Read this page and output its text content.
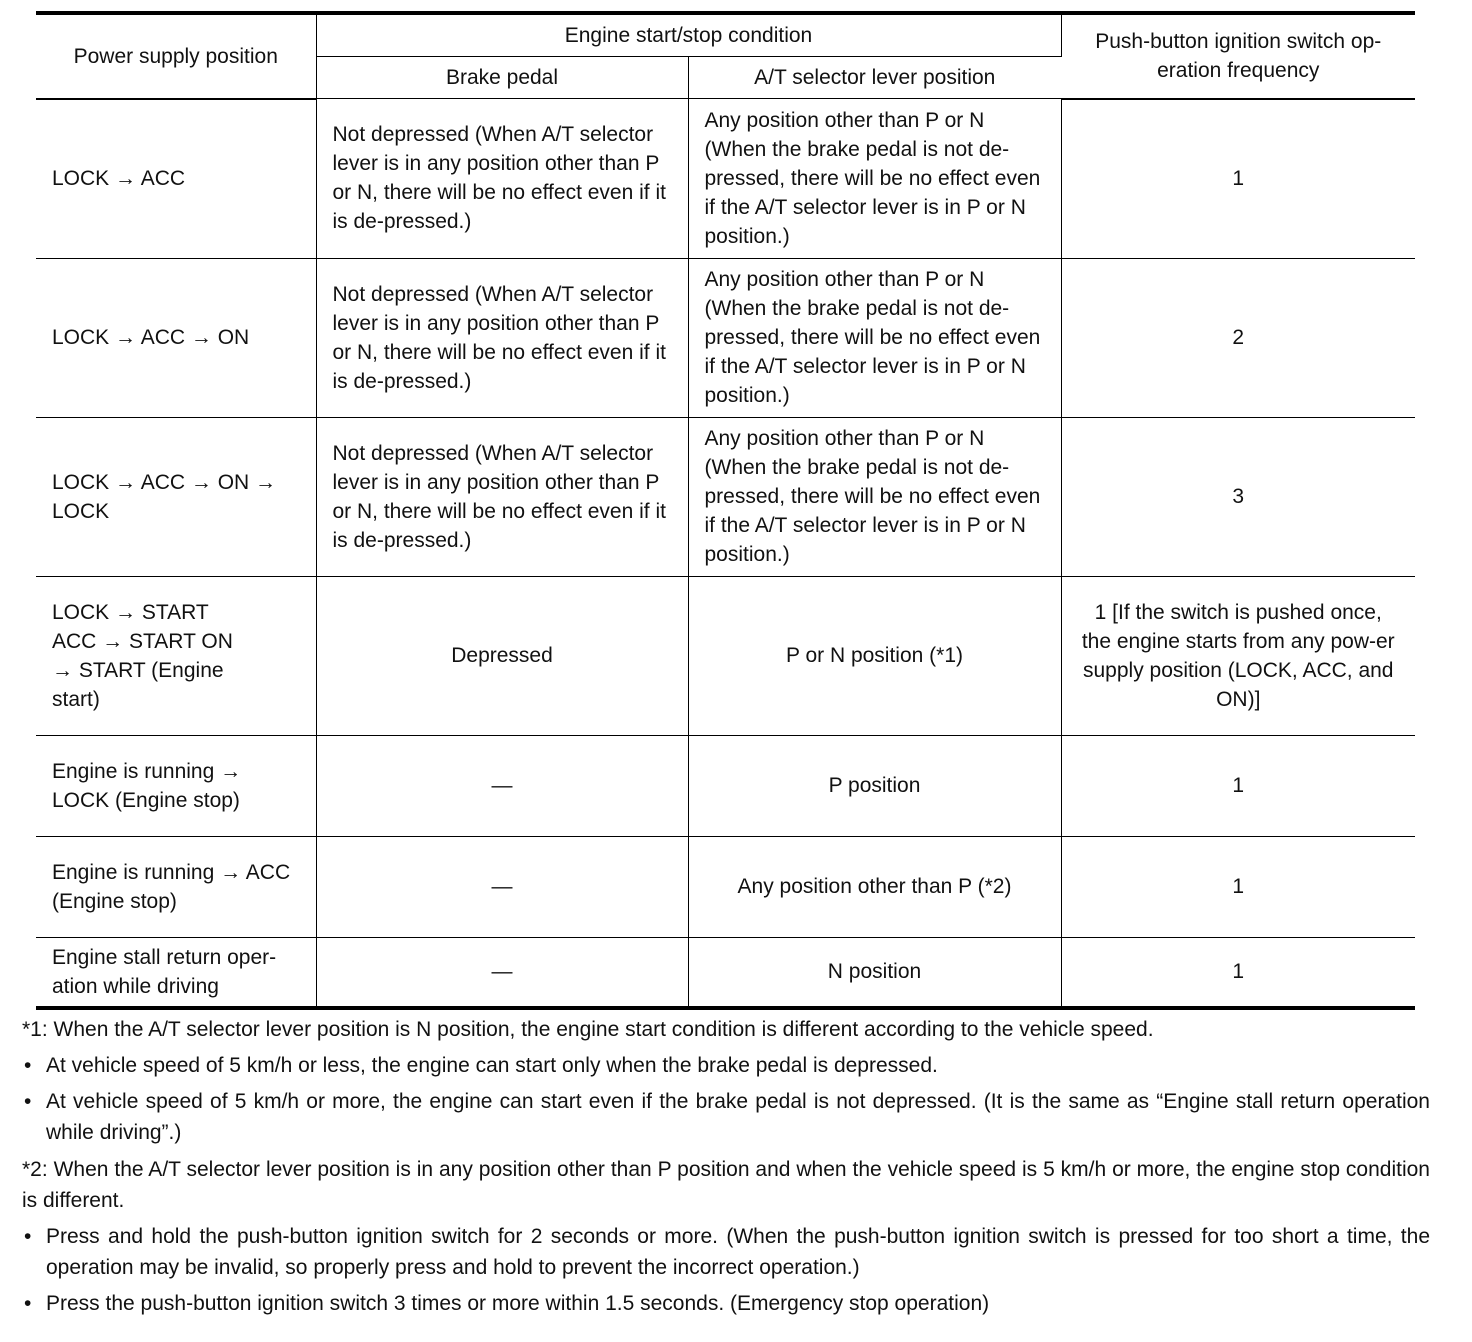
Power supply position	Engine start/stop condition		Push-button ignition switch op-eration frequency
	Brake pedal	A/T selector lever position	
LOCK → ACC	Not depressed (When A/T selector lever is in any position other than P or N, there will be no effect even if it is de-pressed.)	Any position other than P or N (When the brake pedal is not de-pressed, there will be no effect even if the A/T selector lever is in P or N position.)	1
LOCK → ACC → ON	Not depressed (When A/T selector lever is in any position other than P or N, there will be no effect even if it is de-pressed.)	Any position other than P or N (When the brake pedal is not de-pressed, there will be no effect even if the A/T selector lever is in P or N position.)	2
LOCK → ACC → ON → LOCK	Not depressed (When A/T selector lever is in any position other than P or N, there will be no effect even if it is de-pressed.)	Any position other than P or N (When the brake pedal is not de-pressed, there will be no effect even if the A/T selector lever is in P or N position.)	3
LOCK → START ACC → START ON → START (Engine start)	Depressed	P or N position (*1)	1 [If the switch is pushed once, the engine starts from any pow-er supply position (LOCK, ACC, and ON)]
Engine is running → LOCK (Engine stop)	—	P position	1
Engine is running → ACC (Engine stop)	—	Any position other than P (*2)	1
Engine stall return oper-ation while driving	—	N position	1

*1: When the A/T selector lever position is N position, the engine start condition is different according to the vehicle speed.

• At vehicle speed of 5 km/h or less, the engine can start only when the brake pedal is depressed.

• At vehicle speed of 5 km/h or more, the engine can start even if the brake pedal is not depressed. (It is the same as “Engine stall return operation while driving”.)

*2: When the A/T selector lever position is in any position other than P position and when the vehicle speed is 5 km/h or more, the engine stop condition is different.

• Press and hold the push-button ignition switch for 2 seconds or more. (When the push-button ignition switch is pressed for too short a time, the operation may be invalid, so properly press and hold to prevent the incorrect operation.)

• Press the push-button ignition switch 3 times or more within 1.5 seconds. (Emergency stop operation)
